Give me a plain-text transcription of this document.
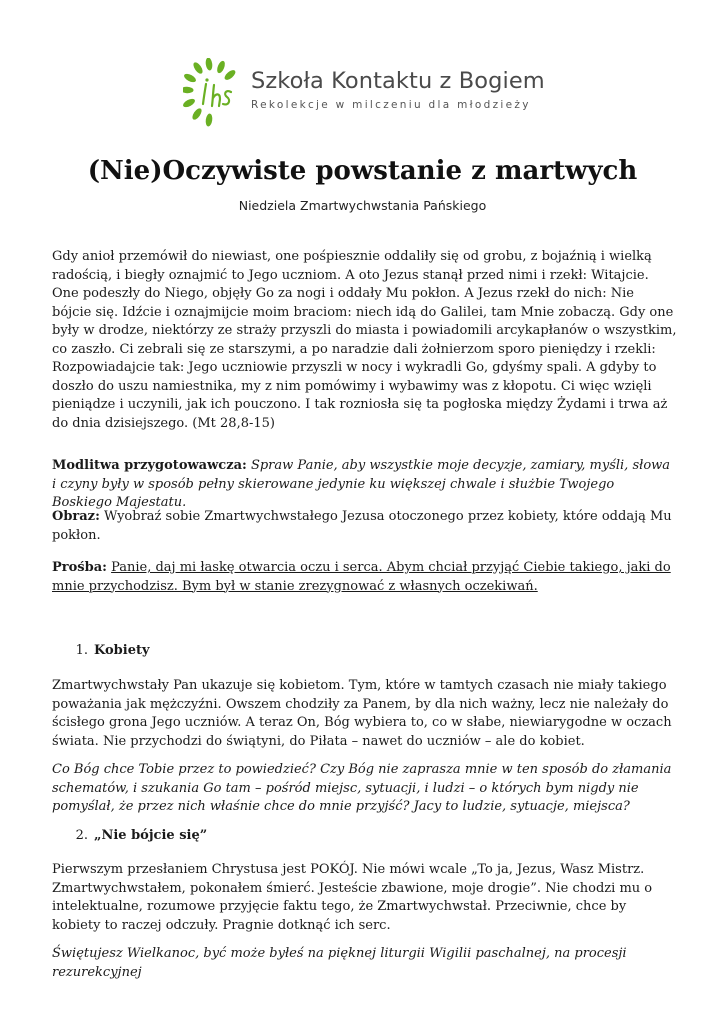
Szkoła Kontaktu z Bogiem
Rekolekcje w milczeniu dla młodzieży
(Nie)Oczywiste powstanie z martwych
Niedziela Zmartwychwstania Pańskiego

Gdy anioł przemówił do niewiast, one pośpiesznie oddaliły się od grobu, z bojaźnią i wielką radością, i biegły oznajmić to Jego uczniom. A oto Jezus stanął przed nimi i rzekł: Witajcie. One podeszły do Niego, objęły Go za nogi i oddały Mu pokłon. A Jezus rzekł do nich: Nie bójcie się. Idźcie i oznajmijcie moim braciom: niech idą do Galilei, tam Mnie zobaczą. Gdy one były w drodze, niektórzy ze straży przyszli do miasta i powiadomili arcykapłanów o wszystkim, co zaszło. Ci zebrali się ze starszymi, a po naradzie dali żołnierzom sporo pieniędzy i rzekli: Rozpowiadajcie tak: Jego uczniowie przyszli w nocy i wykradli Go, gdyśmy spali. A gdyby to doszło do uszu namiestnika, my z nim pomówimy i wybawimy was z kłopotu. Ci więc wzięli pieniądze i uczynili, jak ich pouczono. I tak rozniosła się ta pogłoska między Żydami i trwa aż do dnia dzisiejszego. (Mt 28,8-15)

Modlitwa przygotowawcza: Spraw Panie, aby wszystkie moje decyzje, zamiary, myśli, słowa i czyny były w sposób pełny skierowane jedynie ku większej chwale i służbie Twojego Boskiego Majestatu.

Obraz: Wyobraź sobie Zmartwychwstałego Jezusa otoczonego przez kobiety, które oddają Mu pokłon.

Prośba: Panie, daj mi łaskę otwarcia oczu i serca. Abym chciał przyjąć Ciebie takiego, jaki do mnie przychodzisz. Bym był w stanie zrezygnować z własnych oczekiwań.

1. Kobiety

Zmartwychwstały Pan ukazuje się kobietom. Tym, które w tamtych czasach nie miały takiego poważania jak mężczyźni. Owszem chodziły za Panem, by dla nich ważny, lecz nie należały do ścisłego grona Jego uczniów. A teraz On, Bóg wybiera to, co w słabe, niewiarygodne w oczach świata. Nie przychodzi do świątyni, do Piłata – nawet do uczniów – ale do kobiet.

Co Bóg chce Tobie przez to powiedzieć? Czy Bóg nie zaprasza mnie w ten sposób do złamania schematów, i szukania Go tam – pośród miejsc, sytuacji, i ludzi – o których bym nigdy nie pomyślał, że przez nich właśnie chce do mnie przyjść? Jacy to ludzie, sytuacje, miejsca?

2. „Nie bójcie się”

Pierwszym przesłaniem Chrystusa jest POKÓJ. Nie mówi wcale „To ja, Jezus, Wasz Mistrz. Zmartwychwstałem, pokonałem śmierć. Jesteście zbawione, moje drogie”. Nie chodzi mu o intelektualne, rozumowe przyjęcie faktu tego, że Zmartwychwstał. Przeciwnie, chce by kobiety to raczej odczuły. Pragnie dotknąć ich serc.

Świętujesz Wielkanoc, być może byłeś na pięknej liturgii Wigilii paschalnej, na procesji rezurekcyjnej
